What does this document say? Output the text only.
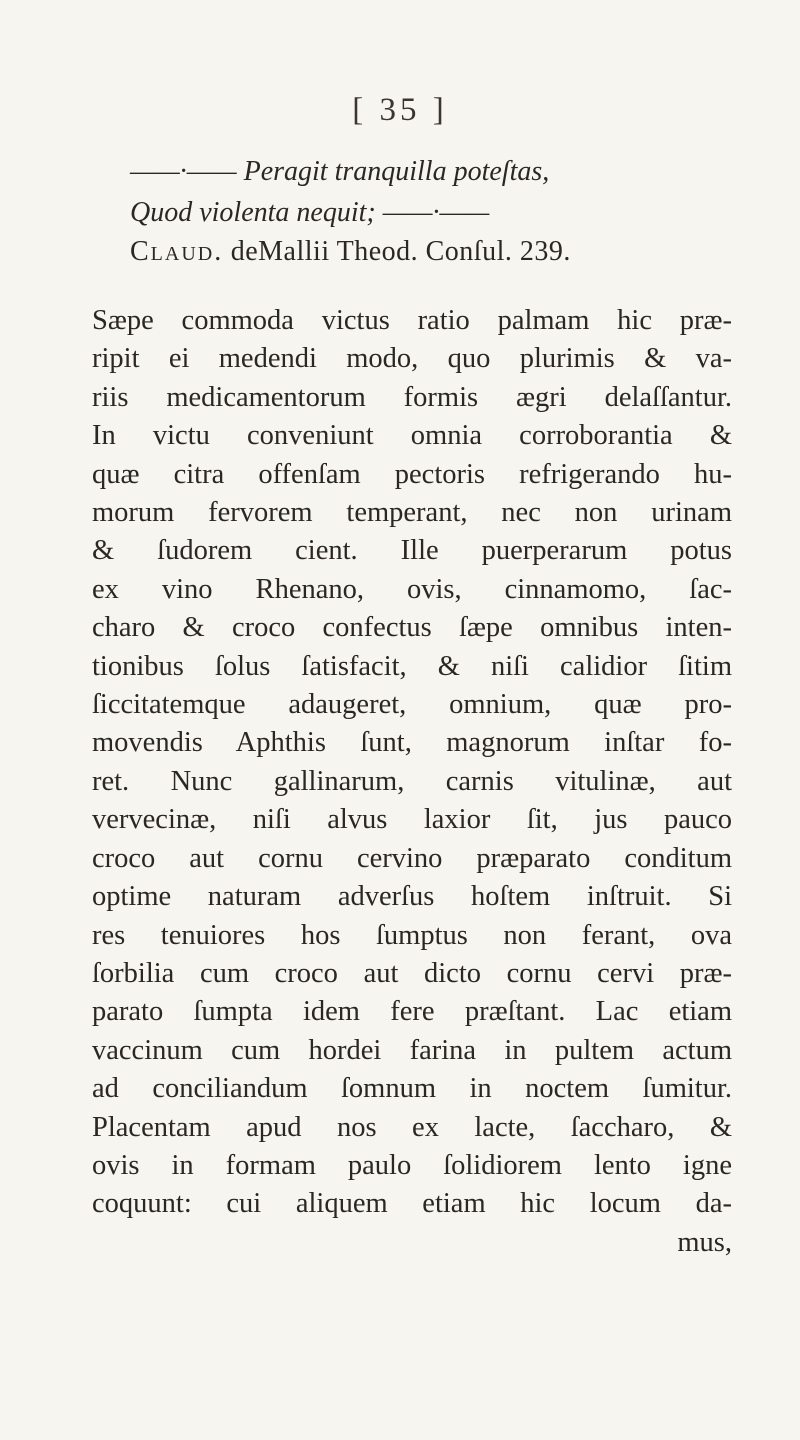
[ 35 ]
——·—— Peragit tranquilla poteſtas,
Quod violenta nequit; ——·——
Claud. deMallii Theod. Conſul. 239.
Sæpe commoda victus ratio palmam hic præ-
ripit ei medendi modo, quo plurimis & va-
riis medicamentorum formis ægri delaſſantur.
In victu conveniunt omnia corroborantia &
quæ citra offenſam pectoris refrigerando hu-
morum fervorem temperant, nec non urinam
& ſudorem cient. Ille puerperarum potus
ex vino Rhenano, ovis, cinnamomo, ſac-
charo & croco confectus ſæpe omnibus inten-
tionibus ſolus ſatisfacit, & niſi calidior ſitim
ſiccitatemque adaugeret, omnium, quæ pro-
movendis Aphthis ſunt, magnorum inſtar fo-
ret. Nunc gallinarum, carnis vitulinæ, aut
vervecinæ, niſi alvus laxior ſit, jus pauco
croco aut cornu cervino præparato conditum
optime naturam adverſus hoſtem inſtruit. Si
res tenuiores hos ſumptus non ferant, ova
ſorbilia cum croco aut dicto cornu cervi præ-
parato ſumpta idem fere præſtant. Lac etiam
vaccinum cum hordei farina in pultem actum
ad conciliandum ſomnum in noctem ſumitur.
Placentam apud nos ex lacte, ſaccharo, &
ovis in formam paulo ſolidiorem lento igne
coquunt: cui aliquem etiam hic locum da-
mus,
